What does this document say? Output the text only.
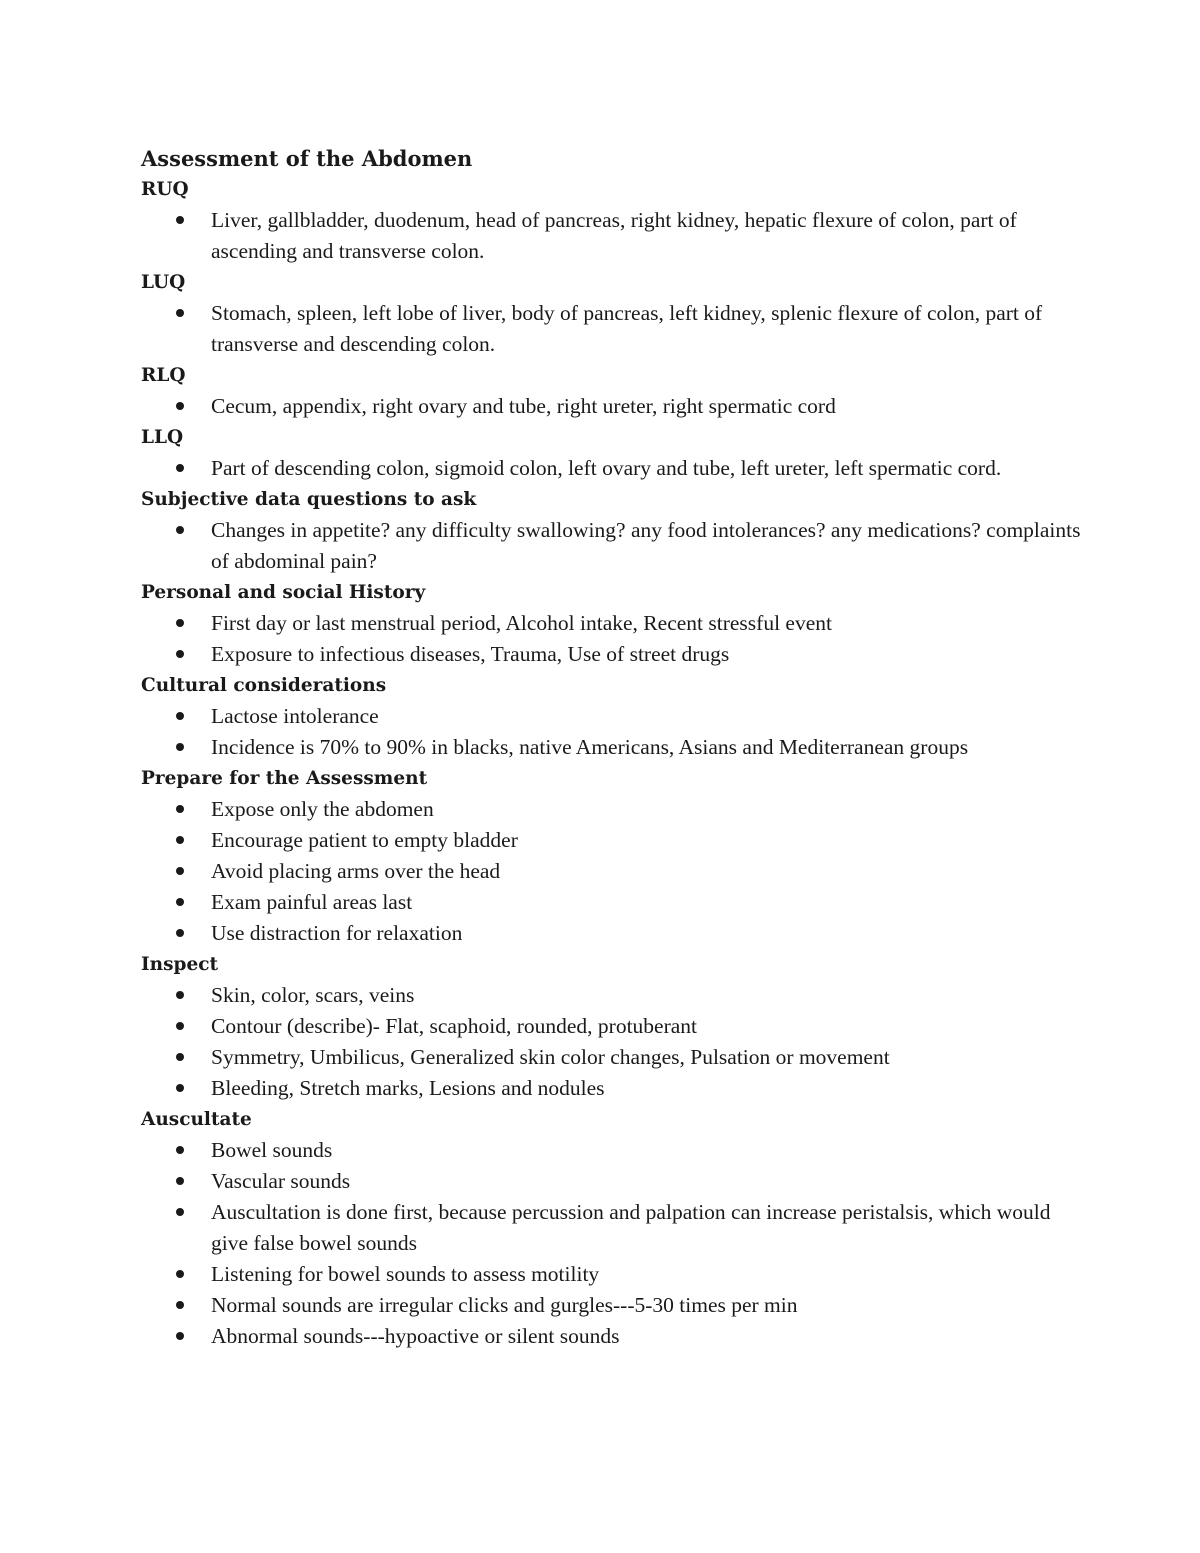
Assessment of the Abdomen
RUQ
Liver, gallbladder, duodenum, head of pancreas, right kidney, hepatic flexure of colon, part of ascending and transverse colon.
LUQ
Stomach, spleen, left lobe of liver, body of pancreas, left kidney, splenic flexure of colon, part of transverse and descending colon.
RLQ
Cecum, appendix, right ovary and tube, right ureter, right spermatic cord
LLQ
Part of descending colon, sigmoid colon, left ovary and tube, left ureter, left spermatic cord.
Subjective data questions to ask
Changes in appetite? any difficulty swallowing? any food intolerances? any medications? complaints of abdominal pain?
Personal and social History
First day or last menstrual period, Alcohol intake, Recent stressful event
Exposure to infectious diseases, Trauma, Use of street drugs
Cultural considerations
Lactose intolerance
Incidence is 70% to 90% in blacks, native Americans, Asians and Mediterranean groups
Prepare for the Assessment
Expose only the abdomen
Encourage patient to empty bladder
Avoid placing arms over the head
Exam painful areas last
Use distraction for relaxation
Inspect
Skin, color, scars, veins
Contour (describe)- Flat, scaphoid, rounded, protuberant
Symmetry, Umbilicus, Generalized skin color changes, Pulsation or movement
Bleeding, Stretch marks, Lesions and nodules
Auscultate
Bowel sounds
Vascular sounds
Auscultation is done first, because percussion and palpation can increase peristalsis, which would give false bowel sounds
Listening for bowel sounds to assess motility
Normal sounds are irregular clicks and gurgles---5-30 times per min
Abnormal sounds---hypoactive or silent sounds
